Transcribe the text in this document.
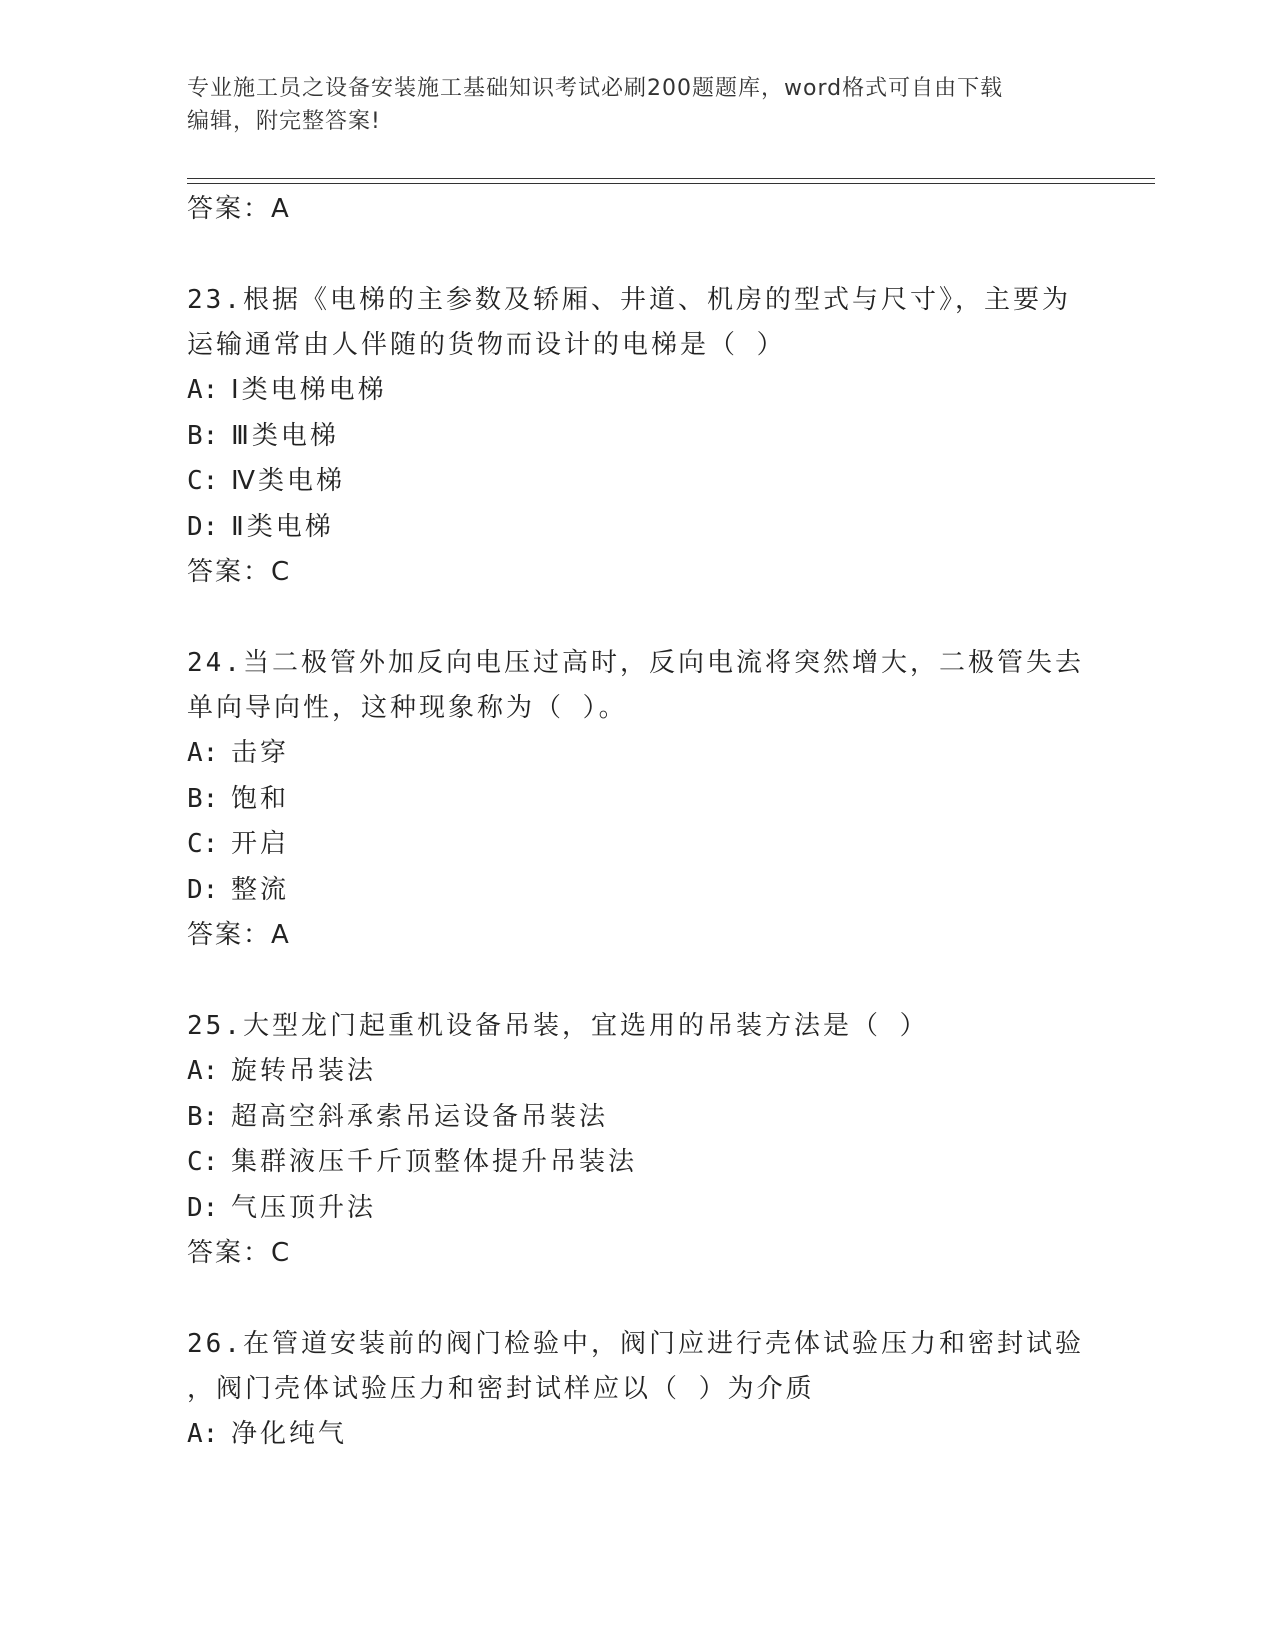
专业施工员之设备安装施工基础知识考试必刷200题题库，word格式可自由下载
编辑，附完整答案!
答案：A
23.根据《电梯的主参数及轿厢、井道、机房的型式与尺寸》，主要为
运输通常由人伴随的货物而设计的电梯是（ ）
A: Ⅰ类电梯电梯
B: Ⅲ类电梯
C: Ⅳ类电梯
D: Ⅱ类电梯
答案：C
24.当二极管外加反向电压过高时，反向电流将突然增大，二极管失去
单向导向性，这种现象称为（ ）。
A: 击穿
B: 饱和
C: 开启
D: 整流
答案：A
25.大型龙门起重机设备吊装，宜选用的吊装方法是（ ）
A: 旋转吊装法
B: 超高空斜承索吊运设备吊装法
C: 集群液压千斤顶整体提升吊装法
D: 气压顶升法
答案：C
26.在管道安装前的阀门检验中，阀门应进行壳体试验压力和密封试验
，阀门壳体试验压力和密封试样应以（ ）为介质
A: 净化纯气
